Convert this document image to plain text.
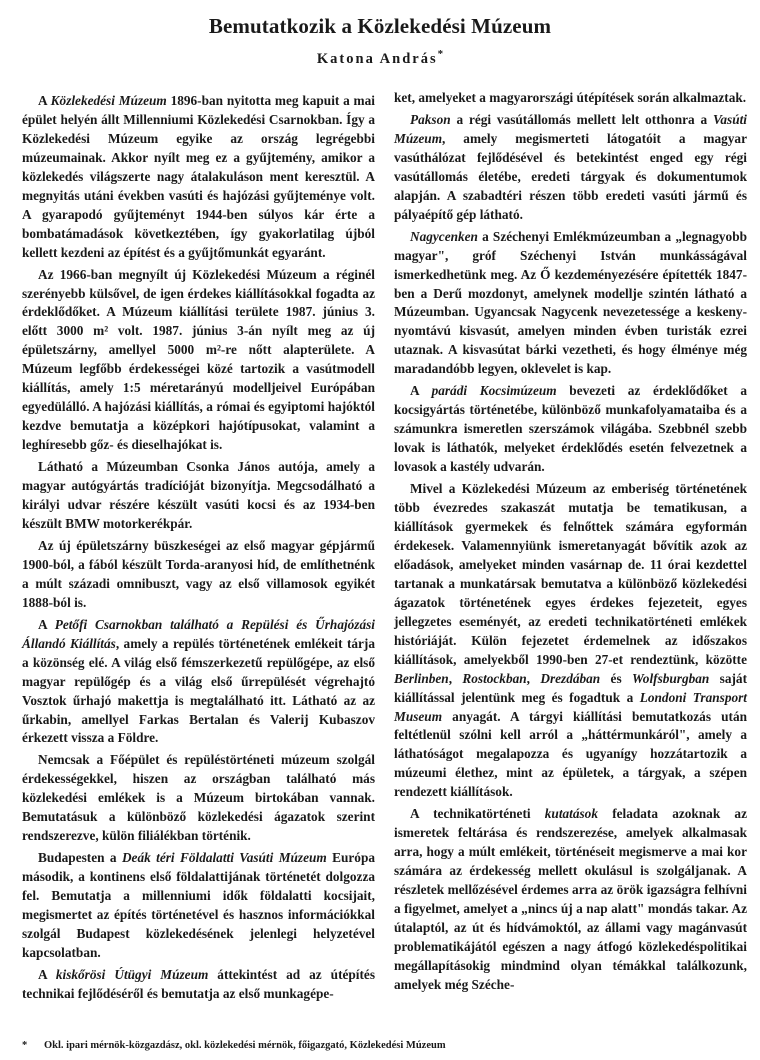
Bemutatkozik a Közlekedési Múzeum
Katona András*

A Közlekedési Múzeum 1896-ban nyitotta meg kapuit a mai épület helyén állt Millenniumi Közlekedési Csarnokban. Így a Közlekedési Múzeum egyike az ország legrégebbi múzeumainak. Akkor nyílt meg ez a gyűjtemény, amikor a közlekedés világszerte nagy átalakuláson ment keresztül. A megnyitás utáni években vasúti és hajózási gyűjteménye volt. A gyarapodó gyűjteményt 1944-ben súlyos kár érte a bombatámadások következtében, így gyakorlatilag újból kellett kezdeni az építést és a gyűjtőmunkát egyaránt.

Az 1966-ban megnyílt új Közlekedési Múzeum a réginél szerényebb külsővel, de igen érdekes kiállításokkal fogadta az érdeklődőket. A Múzeum kiállítási területe 1987. június 3. előtt 3000 m² volt. 1987. június 3-án nyílt meg az új épületszárny, amellyel 5000 m²-re nőtt alapterülete. A Múzeum legfőbb érdekességei közé tartozik a vasútmodell kiállítás, amely 1:5 méretarányú modelljeivel Európában egyedülálló. A hajózási kiállítás, a római és egyiptomi hajóktól kezdve bemutatja a középkori hajótípusokat, valamint a leghíresebb gőz- és dieselhajókat is.

Látható a Múzeumban Csonka János autója, amely a magyar autógyártás tradícióját bizonyítja. Megcsodálható a királyi udvar részére készült vasúti kocsi és az 1934-ben készült BMW motorkerékpár.

Az új épületszárny büszkeségei az első magyar gépjármű 1900-ból, a fából készült Torda-aranyosi híd, de említhetnénk a múlt századi omnibuszt, vagy az első villamosok egyikét 1888-ból is.

A Petőfi Csarnokban található a Repülési és Űrhajózási Állandó Kiállítás, amely a repülés történetének emlékeit tárja a közönség elé. A világ első fémszerkezetű repülőgépe, az első magyar repülőgép és a világ első űrrepülését végrehajtó Vosztok űrhajó makettja is megtalálható itt. Látható az az űrkabin, amellyel Farkas Bertalan és Valerij Kubaszov érkezett vissza a Földre.

Nemcsak a Főépület és repüléstörténeti múzeum szolgál érdekességekkel, hiszen az országban található más közlekedési emlékek is a Múzeum birtokában vannak. Bemutatásuk a különböző közlekedési ágazatok szerint rendszerezve, külön filiálékban történik.

Budapesten a Deák téri Földalatti Vasúti Múzeum Európa második, a kontinens első földalattijának történetét dolgozza fel. Bemutatja a millenniumi idők földalatti kocsijait, megismertet az építés történetével és hasznos információkkal szolgál Budapest közlekedésének jelenlegi helyzetével kapcsolatban.

A kiskőrösi Útügyi Múzeum áttekintést ad az útépítés technikai fejlődéséről és bemutatja az első munkagépe-

ket, amelyeket a magyarországi útépítések során alkalmaztak.

Pakson a régi vasútállomás mellett lelt otthonra a Vasúti Múzeum, amely megismerteti látogatóit a magyar vasúthálózat fejlődésével és betekintést enged egy régi vasútállomás életébe, eredeti tárgyak és dokumentumok alapján. A szabadtéri részen több eredeti vasúti jármű és pályaépítő gép látható.

Nagycenken a Széchenyi Emlékmúzeumban a „legnagyobb magyar", gróf Széchenyi István munkásságával ismerkedhetünk meg. Az Ő kezdeményezésére építették 1847-ben a Derű mozdonyt, amelynek modellje szintén látható a Múzeumban. Ugyancsak Nagycenk nevezetessége a keskeny-nyomtávú kisvasút, amelyen minden évben turisták ezrei utaznak. A kisvasútat bárki vezetheti, és hogy élménye még maradandóbb legyen, oklevelet is kap.

A parádi Kocsimúzeum bevezeti az érdeklődőket a kocsigyártás történetébe, különböző munkafolyamataiba és a számunkra ismeretlen szerszámok világába. Szebbnél szebb lovak is láthatók, melyeket érdeklődés esetén felvezetnek a lovasok a kastély udvarán.

Mivel a Közlekedési Múzeum az emberiség történetének több évezredes szakaszát mutatja be tematikusan, a kiállítások gyermekek és felnőttek számára egyformán érdekesek. Valamennyiünk ismeretanyagát bővítik azok az előadások, amelyeket minden vasárnap de. 11 órai kezdettel tartanak a munkatársak bemutatva a különböző közlekedési ágazatok történetének egyes érdekes fejezeteit, egyes jellegzetes eseményét, az eredeti technikatörténeti emlékek históriáját. Külön fejezetet érdemelnek az időszakos kiállítások, amelyekből 1990-ben 27-et rendeztünk, közötte Berlinben, Rostockban, Drezdában és Wolfsburgban saját kiállítással jelentünk meg és fogadtuk a Londoni Transport Museum anyagát. A tárgyi kiállítási bemutatkozás után feltétlenül szólni kell arról a „háttérmunkáról", amely a láthatóságot megalapozza és ugyanígy hozzátartozik a múzeumi élethez, mint az épületek, a tárgyak, a szépen rendezett kiállítások.

A technikatörténeti kutatások feladata azoknak az ismeretek feltárása és rendszerezése, amelyek alkalmasak arra, hogy a múlt emlékeit, történéseit megismerve a mai kor számára az érdekesség mellett okulásul is szolgáljanak. A részletek mellőzésével érdemes arra az örök igazságra felhívni a figyelmet, amelyet a „nincs új a nap alatt" mondás takar. Az útalaptól, az út és hídvámoktól, az állami vagy magánvasút problematikájától egészen a nagy átfogó közlekedéspolitikai megállapításokig mindmind olyan témákkal találkozunk, amelyek még Széche-

* Okl. ipari mérnök-közgazdász, okl. közlekedési mérnök, főigazgató, Közlekedési Múzeum
